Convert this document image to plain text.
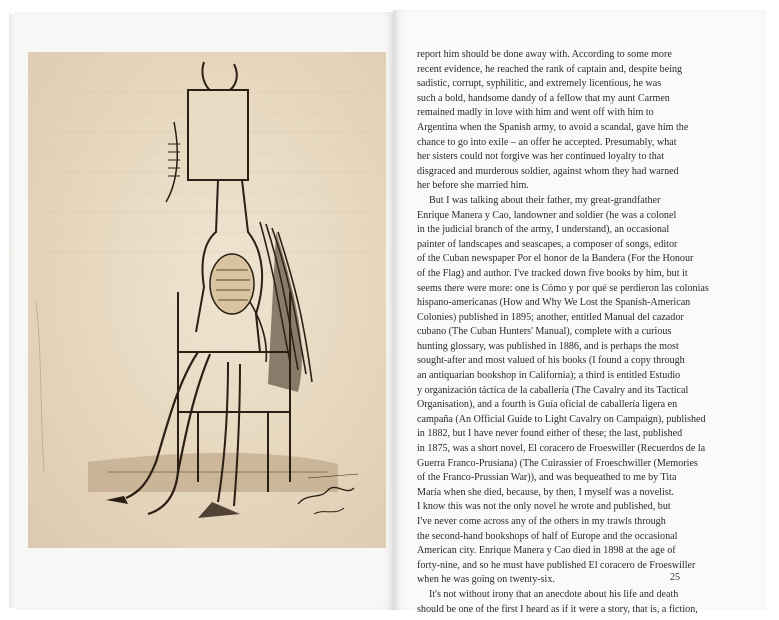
report him should be done away with. According to some more
recent evidence, he reached the rank of captain and, despite being
sadistic, corrupt, syphilitic, and extremely licentious, he was
such a bold, handsome dandy of a fellow that my aunt Carmen
remained madly in love with him and went off with him to
Argentina when the Spanish army, to avoid a scandal, gave him the
chance to go into exile – an offer he accepted. Presumably, what
her sisters could not forgive was her continued loyalty to that
disgraced and murderous soldier, against whom they had warned
her before she married him.
But I was talking about their father, my great-grandfather
Enrique Manera y Cao, landowner and soldier (he was a colonel
in the judicial branch of the army, I understand), an occasional
painter of landscapes and seascapes, a composer of songs, editor
of the Cuban newspaper Por el honor de la Bandera (For the Honour
of the Flag) and author. I've tracked down five books by him, but it
seems there were more: one is Cómo y por qué se perdieron las colonias
hispano-americanas (How and Why We Lost the Spanish-American
Colonies) published in 1895; another, entitled Manual del cazador
cubano (The Cuban Hunters' Manual), complete with a curious
hunting glossary, was published in 1886, and is perhaps the most
sought-after and most valued of his books (I found a copy through
an antiquarian bookshop in California); a third is entitled Estudio
y organización táctica de la caballería (The Cavalry and its Tactical
Organisation), and a fourth is Guía oficial de caballería ligera en
campaña (An Official Guide to Light Cavalry on Campaign), published
in 1882, but I have never found either of these; the last, published
in 1875, was a short novel, El coracero de Froeswiller (Recuerdos de la
Guerra Franco-Prusiana) (The Cuirassier of Froeschwiller (Memories
of the Franco-Prussian War)), and was bequeathed to me by Tita
María when she died, because, by then, I myself was a novelist.
I know this was not the only novel he wrote and published, but
I've never come across any of the others in my trawls through
the second-hand bookshops of half of Europe and the occasional
American city. Enrique Manera y Cao died in 1898 at the age of
forty-nine, and so he must have published El coracero de Froeswiller
when he was going on twenty-six.
It's not without irony that an anecdote about his life and death
should be one of the first I heard as if it were a story, that is, a fiction,
25
